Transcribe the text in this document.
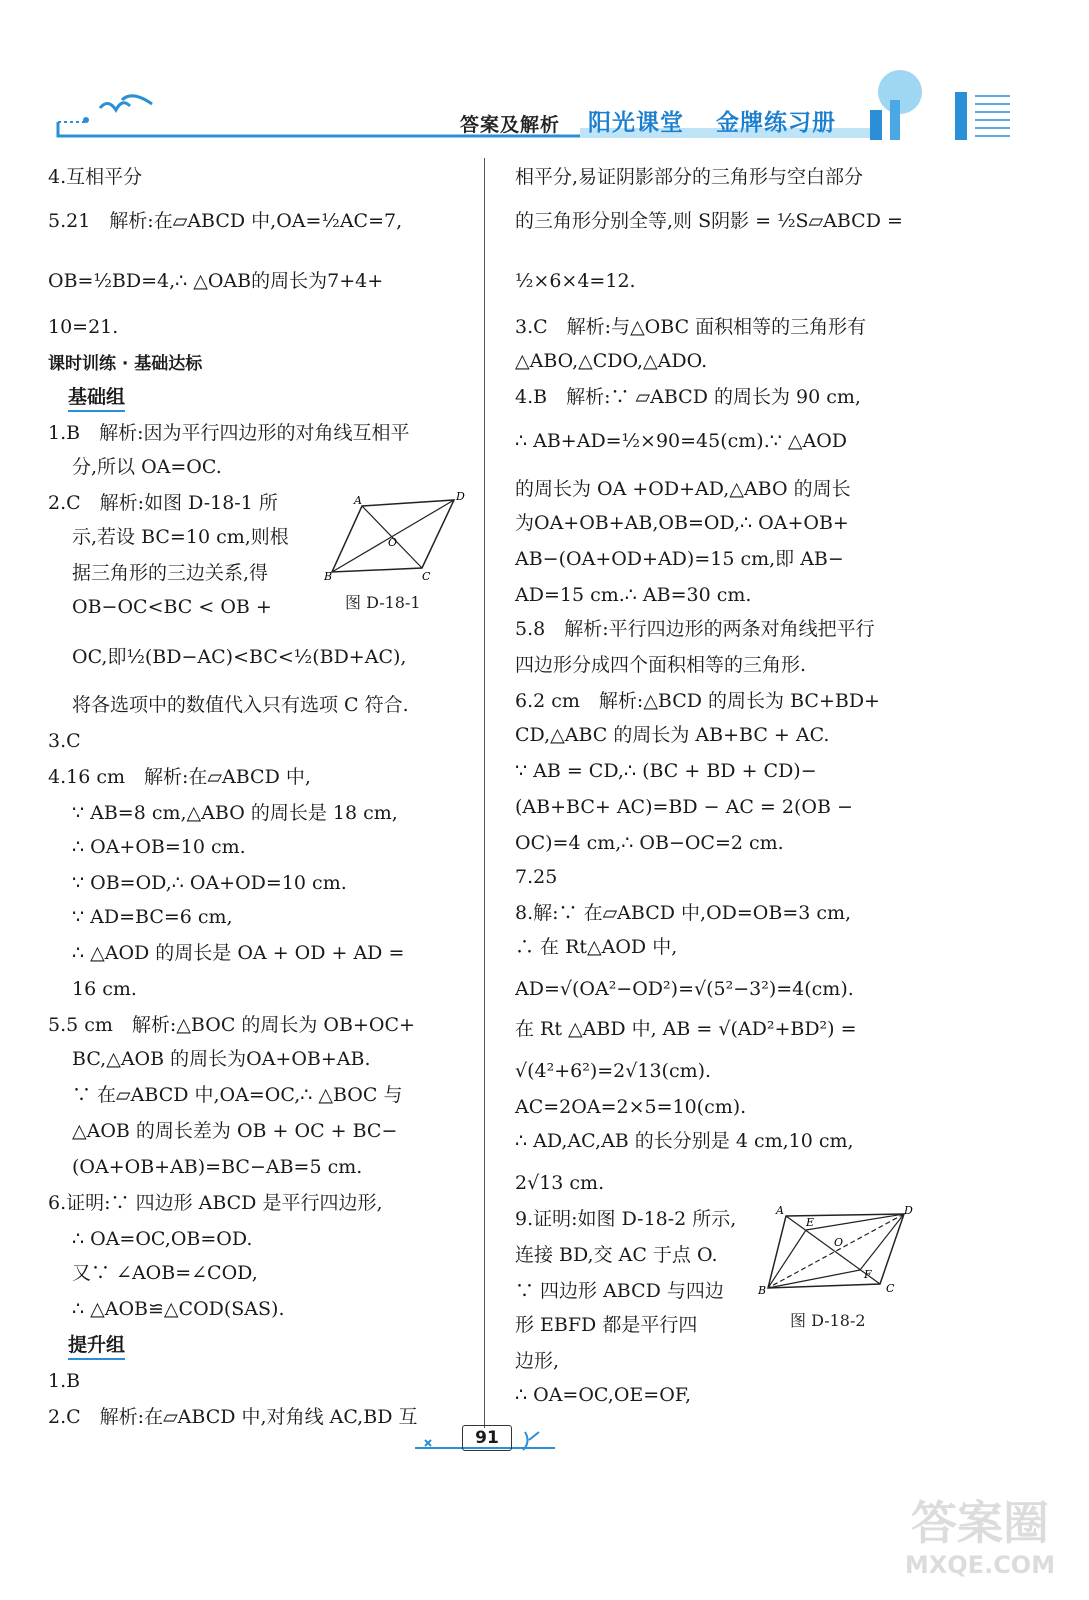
答案及解析 阳光课堂 金牌练习册
4.互相平分
5.21　解析:在▱ABCD 中,OA=½AC=7,
OB=½BD=4,∴ △OAB的周长为7+4+
10=21.
课时训练 · 基础达标
基础组
1.B　解析:因为平行四边形的对角线互相平
分,所以 OA=OC.
2.C　解析:如图 D-18-1 所
示,若设 BC=10 cm,则根
据三角形的三边关系,得
OB−OC<BC < OB +
OC,即½(BD−AC)<BC<½(BD+AC),
将各选项中的数值代入只有选项 C 符合.
3.C
4.16 cm　解析:在▱ABCD 中,
∵ AB=8 cm,△ABO 的周长是 18 cm,
∴ OA+OB=10 cm.
∵ OB=OD,∴ OA+OD=10 cm.
∵ AD=BC=6 cm,
∴ △AOD 的周长是 OA + OD + AD =
16 cm.
5.5 cm　解析:△BOC 的周长为 OB+OC+
BC,△AOB 的周长为OA+OB+AB.
∵ 在▱ABCD 中,OA=OC,∴ △BOC 与
△AOB 的周长差为 OB + OC + BC−
(OA+OB+AB)=BC−AB=5 cm.
6.证明:∵ 四边形 ABCD 是平行四边形,
∴ OA=OC,OB=OD.
又∵ ∠AOB=∠COD,
∴ △AOB≌△COD(SAS).
提升组
1.B
2.C　解析:在▱ABCD 中,对角线 AC,BD 互
A	D
B	C
O
图 D-18-1
相平分,易证阴影部分的三角形与空白部分
的三角形分别全等,则 S阴影 = ½S▱ABCD =
½×6×4=12.
3.C　解析:与△OBC 面积相等的三角形有
△ABO,△CDO,△ADO.
4.B　解析:∵ ▱ABCD 的周长为 90 cm,
∴ AB+AD=½×90=45(cm).∵ △AOD
的周长为 OA +OD+AD,△ABO 的周长
为OA+OB+AB,OB=OD,∴ OA+OB+
AB−(OA+OD+AD)=15 cm,即 AB−
AD=15 cm.∴ AB=30 cm.
5.8　解析:平行四边形的两条对角线把平行
四边形分成四个面积相等的三角形.
6.2 cm　解析:△BCD 的周长为 BC+BD+
CD,△ABC 的周长为 AB+BC + AC.
∵ AB = CD,∴ (BC + BD + CD)−
(AB+BC+ AC)=BD − AC = 2(OB −
OC)=4 cm,∴ OB−OC=2 cm.
7.25
8.解:∵ 在▱ABCD 中,OD=OB=3 cm,
∴ 在 Rt△AOD 中,
AD=√(OA²−OD²)=√(5²−3²)=4(cm).
在 Rt △ABD 中, AB = √(AD²+BD²) =
√(4²+6²)=2√13(cm).
AC=2OA=2×5=10(cm).
∴ AD,AC,AB 的长分别是 4 cm,10 cm,
2√13 cm.
9.证明:如图 D-18-2 所示,
连接 BD,交 AC 于点 O.
∵ 四边形 ABCD 与四边
形 EBFD 都是平行四
边形,
∴ OA=OC,OE=OF,
A	D
B	C
E
F
O
图 D-18-2
91
答案圈
MXQE.COM
